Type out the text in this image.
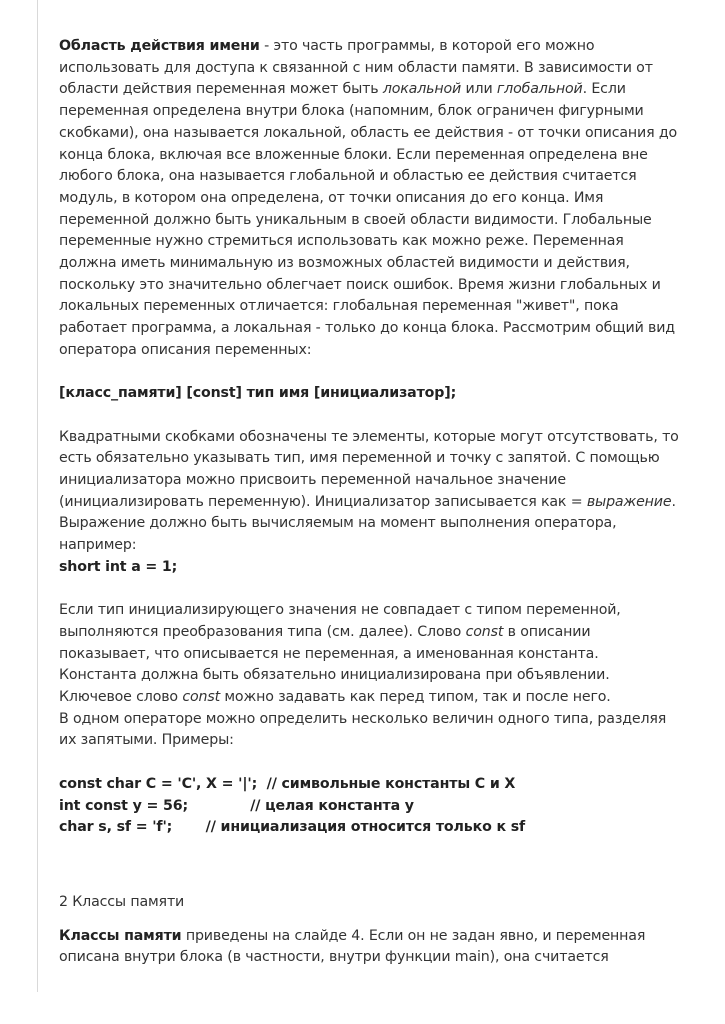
Область действия имени - это часть программы, в которой его можно использовать для доступа к связанной с ним области памяти. В зависимости от области действия переменная может быть локальной или глобальной. Если переменная определена внутри блока (напомним, блок ограничен фигурными скобками), она называется локальной, область ее действия - от точки описания до конца блока, включая все вложенные блоки. Если переменная определена вне любого блока, она называется глобальной и областью ее действия считается модуль, в котором она определена, от точки описания до его конца. Имя переменной должно быть уникальным в своей области видимости. Глобальные переменные нужно стремиться использовать как можно реже. Переменная должна иметь минимальную из возможных областей видимости и действия, поскольку это значительно облегчает поиск ошибок. Время жизни глобальных и локальных переменных отличается: глобальная переменная "живет", пока работает программа, а локальная - только до конца блока. Рассмотрим общий вид оператора описания переменных:

[класс_памяти] [const] тип имя [инициализатор];

Квадратными скобками обозначены те элементы, которые могут отсутствовать, то есть обязательно указывать тип, имя переменной и точку с запятой. С помощью инициализатора можно присвоить переменной начальное значение (инициализировать переменную). Инициализатор записывается как = выражение. Выражение должно быть вычисляемым на момент выполнения оператора, например:

short int a = 1;

Если тип инициализирующего значения не совпадает с типом переменной, выполняются преобразования типа (см. далее). Слово const в описании показывает, что описывается не переменная, а именованная константа. Константа должна быть обязательно инициализирована при объявлении. Ключевое слово const можно задавать как перед типом, так и после него.

В одном операторе можно определить несколько величин одного типа, разделяя их запятыми. Примеры:

const char C = 'C', X = '|';  // символьные константы С и X
int const y = 56;             // целая константа у
char s, sf = 'f';       // инициализация относится только к sf

2 Классы памяти

Классы памяти приведены на слайде 4. Если он не задан явно, и переменная описана внутри блока (в частности, внутри функции main), она считается
